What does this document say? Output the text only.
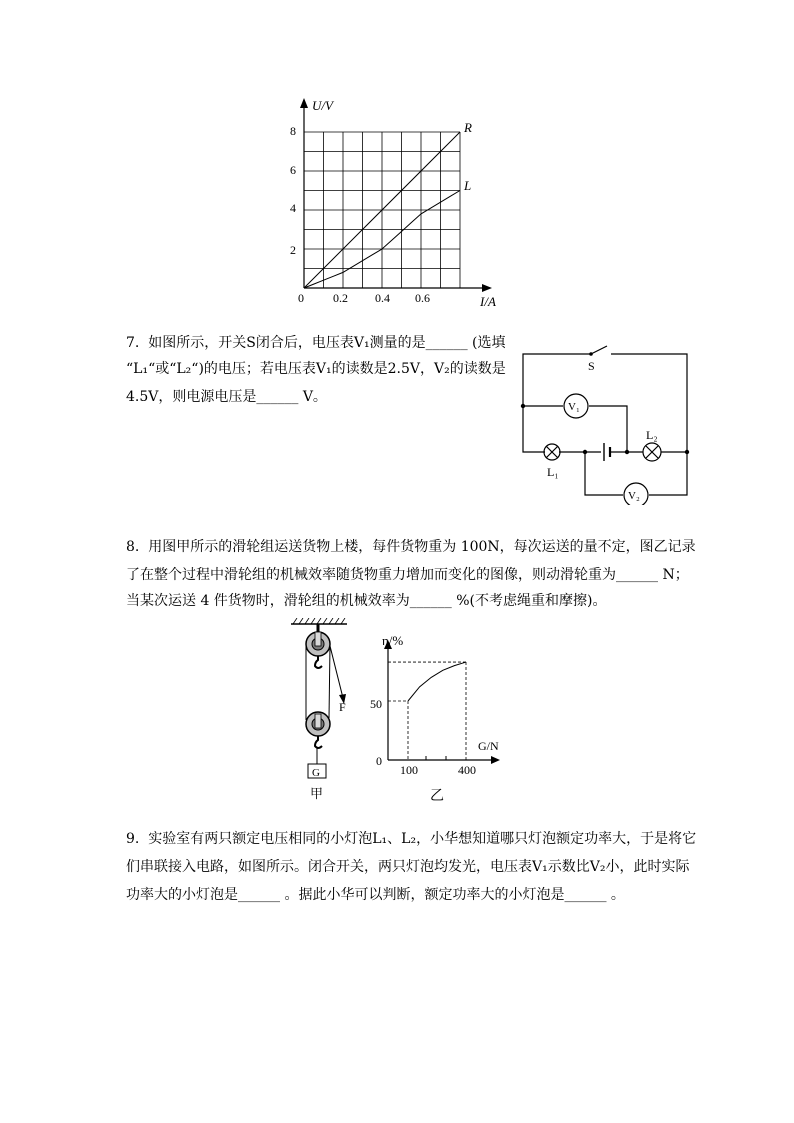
U/V
I/A
8
6
4
2
0 0.2 0.4 0.6
R
L
7.  如图所示，开关S闭合后，电压表V₁测量的是______ (选填
“L₁“或“L₂“)的电压；若电压表V₁的读数是2.5V，V₂的读数是
4.5V，则电源电压是______ V。
S
V₁
V₂
L₁
L₂
8.  用图甲所示的滑轮组运送货物上楼，每件货物重为 100N，每次运送的量不定，图乙记录
了在整个过程中滑轮组的机械效率随货物重力增加而变化的图像，则动滑轮重为______ N；
当某次运送 4 件货物时，滑轮组的机械效率为______ %(不考虑绳重和摩擦)。
F
G
甲
η/%
G/N
50
0
100	400
乙
9.  实验室有两只额定电压相同的小灯泡L₁、L₂，小华想知道哪只灯泡额定功率大，于是将它
们串联接入电路，如图所示。闭合开关，两只灯泡均发光，电压表V₁示数比V₂小，此时实际
功率大的小灯泡是______ 。据此小华可以判断，额定功率大的小灯泡是______ 。
